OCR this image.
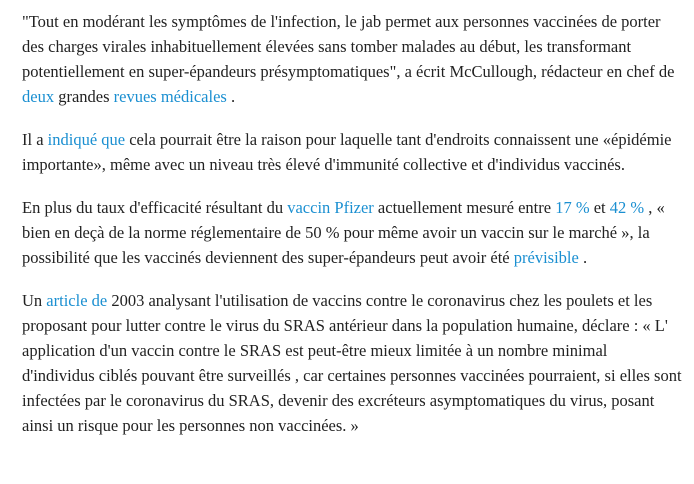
"Tout en modérant les symptômes de l'infection, le jab permet aux personnes vaccinées de porter des charges virales inhabituellement élevées sans tomber malades au début, les transformant potentiellement en super-épandeurs présymptomatiques", a écrit McCullough, rédacteur en chef de deux grandes revues médicales .

Il a indiqué que cela pourrait être la raison pour laquelle tant d'endroits connaissent une «épidémie importante», même avec un niveau très élevé d'immunité collective et d'individus vaccinés.

En plus du taux d'efficacité résultant du vaccin Pfizer actuellement mesuré entre 17 % et 42 % , « bien en deçà de la norme réglementaire de 50 % pour même avoir un vaccin sur le marché », la possibilité que les vaccinés deviennent des super-épandeurs peut avoir été prévisible .

Un article de 2003 analysant l'utilisation de vaccins contre le coronavirus chez les poulets et les proposant pour lutter contre le virus du SRAS antérieur dans la population humaine, déclare : « L' application d'un vaccin contre le SRAS est peut-être mieux limitée à un nombre minimal d'individus ciblés pouvant être surveillés , car certaines personnes vaccinées pourraient, si elles sont infectées par le coronavirus du SRAS, devenir des excréteurs asymptomatiques du virus, posant ainsi un risque pour les personnes non vaccinées. »
